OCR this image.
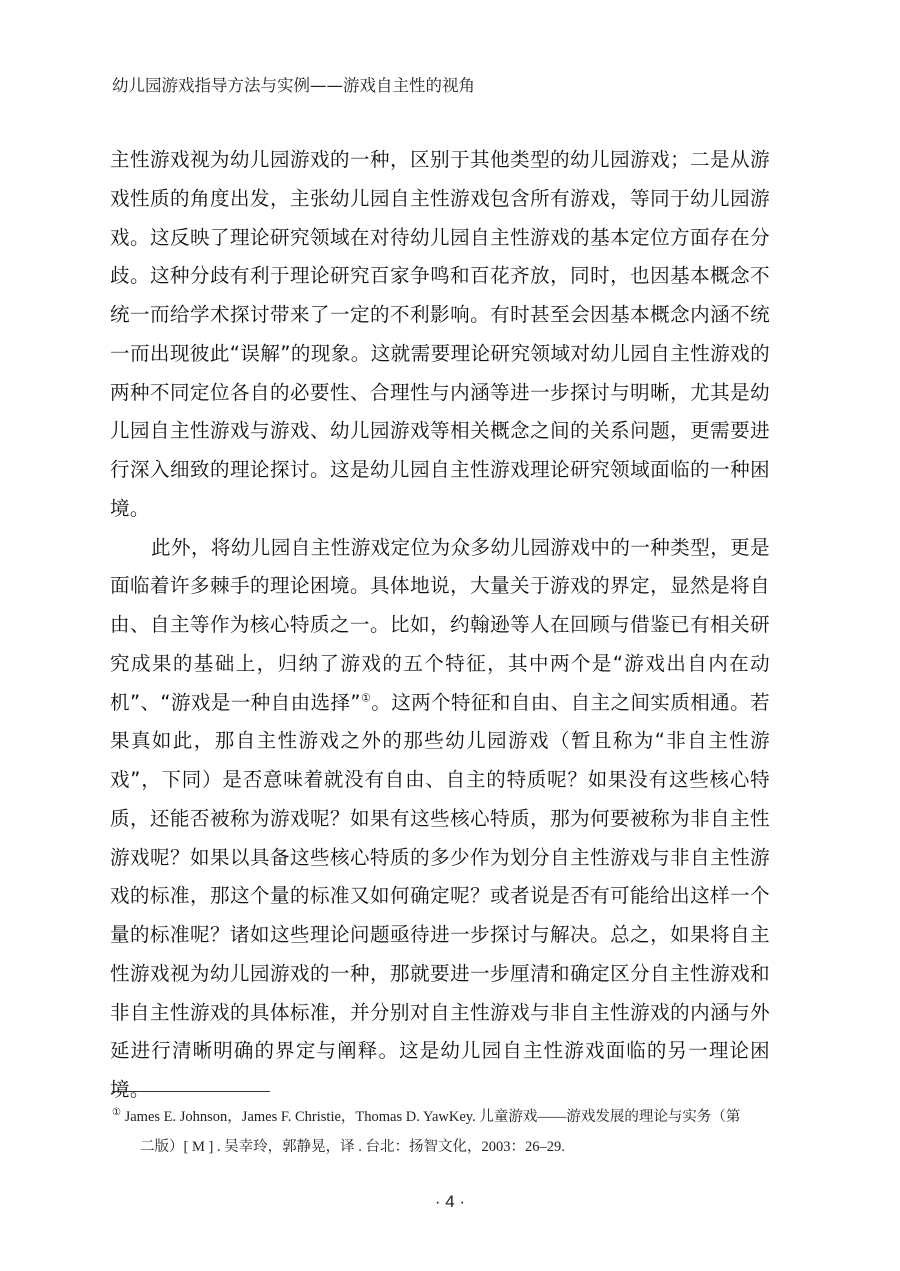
幼儿园游戏指导方法与实例——游戏自主性的视角

主性游戏视为幼儿园游戏的一种，区别于其他类型的幼儿园游戏；二是从游戏性质的角度出发，主张幼儿园自主性游戏包含所有游戏，等同于幼儿园游戏。这反映了理论研究领域在对待幼儿园自主性游戏的基本定位方面存在分歧。这种分歧有利于理论研究百家争鸣和百花齐放，同时，也因基本概念不统一而给学术探讨带来了一定的不利影响。有时甚至会因基本概念内涵不统一而出现彼此“误解”的现象。这就需要理论研究领域对幼儿园自主性游戏的两种不同定位各自的必要性、合理性与内涵等进一步探讨与明晰，尤其是幼儿园自主性游戏与游戏、幼儿园游戏等相关概念之间的关系问题，更需要进行深入细致的理论探讨。这是幼儿园自主性游戏理论研究领域面临的一种困境。

此外，将幼儿园自主性游戏定位为众多幼儿园游戏中的一种类型，更是面临着许多棘手的理论困境。具体地说，大量关于游戏的界定，显然是将自由、自主等作为核心特质之一。比如，约翰逊等人在回顾与借鉴已有相关研究成果的基础上，归纳了游戏的五个特征，其中两个是“游戏出自内在动机”、“游戏是一种自由选择”①。这两个特征和自由、自主之间实质相通。若果真如此，那自主性游戏之外的那些幼儿园游戏（暂且称为“非自主性游戏”，下同）是否意味着就没有自由、自主的特质呢？如果没有这些核心特质，还能否被称为游戏呢？如果有这些核心特质，那为何要被称为非自主性游戏呢？如果以具备这些核心特质的多少作为划分自主性游戏与非自主性游戏的标准，那这个量的标准又如何确定呢？或者说是否有可能给出这样一个量的标准呢？诸如这些理论问题亟待进一步探讨与解决。总之，如果将自主性游戏视为幼儿园游戏的一种，那就要进一步厘清和确定区分自主性游戏和非自主性游戏的具体标准，并分别对自主性游戏与非自主性游戏的内涵与外延进行清晰明确的界定与阐释。这是幼儿园自主性游戏面临的另一理论困境。

① James E. Johnson，James F. Christie，Thomas D. YawKey. 儿童游戏——游戏发展的理论与实务（第
二版）[ M ] . 吴幸玲，郭静晃，译 . 台北：扬智文化，2003：26–29.
· 4 ·
